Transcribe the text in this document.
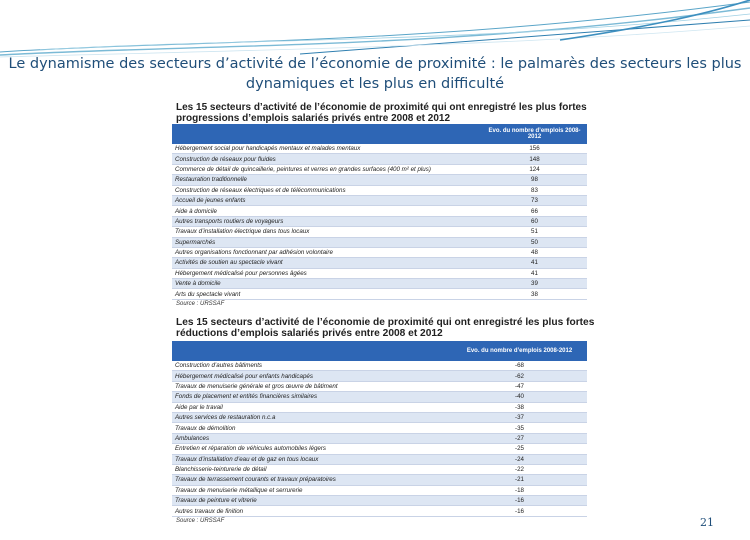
Le dynamisme des secteurs d’activité de l’économie de proximité : le palmarès des secteurs les plus dynamiques et les plus en difficulté
Les 15 secteurs d’activité de l’économie de proximité qui ont enregistré les plus fortes progressions d’emplois salariés privés entre 2008 et 2012
	Evo. du nombre d’emplois 2008-2012
Hébergement social pour handicapés mentaux et malades mentaux	156
Construction de réseaux pour fluides	148
Commerce de détail de quincaillerie, peintures et verres en grandes surfaces (400 m² et plus)	124
Restauration traditionnelle	98
Construction de réseaux électriques et de télécommunications	83
Accueil de jeunes enfants	73
Aide à domicile	66
Autres transports routiers de voyageurs	60
Travaux d’installation électrique dans tous locaux	51
Supermarchés	50
Autres organisations fonctionnant par adhésion volontaire	48
Activités de soutien au spectacle vivant	41
Hébergement médicalisé pour personnes âgées	41
Vente à domicile	39
Arts du spectacle vivant	38
Source : URSSAF
Les 15 secteurs d’activité de l’économie de proximité qui ont enregistré les plus fortes réductions d’emplois salariés privés entre 2008 et 2012
	Evo. du nombre d’emplois 2008-2012
Construction d’autres bâtiments	-68
Hébergement médicalisé pour enfants handicapés	-62
Travaux de menuiserie générale et gros œuvre de bâtiment	-47
Fonds de placement et entités financières similaires	-40
Aide par le travail	-38
Autres services de restauration n.c.a	-37
Travaux de démolition	-35
Ambulances	-27
Entretien et réparation de véhicules automobiles légers	-25
Travaux d’installation d’eau et de gaz en tous locaux	-24
Blanchisserie-teinturerie de détail	-22
Travaux de terrassement courants et travaux préparatoires	-21
Travaux de menuiserie métallique et serrurerie	-18
Travaux de peinture et vitrerie	-16
Autres travaux de finition	-16
Source : URSSAF	21
